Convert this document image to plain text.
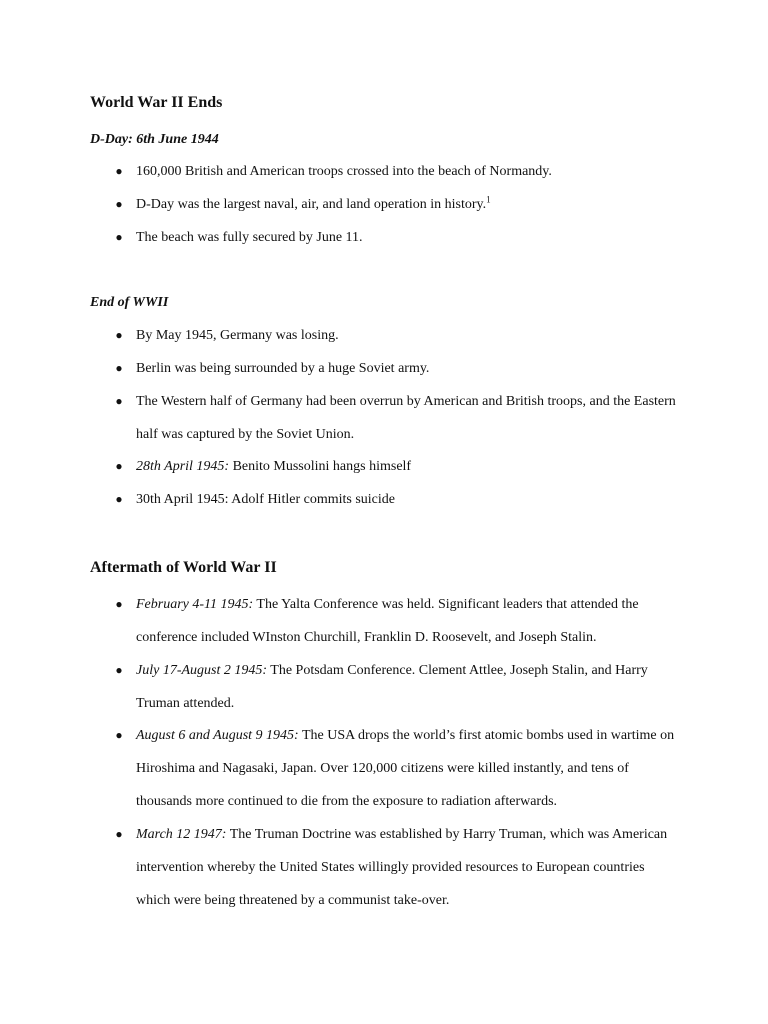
World War II Ends
D-Day: 6th June 1944
● 160,000 British and American troops crossed into the beach of Normandy.
● D-Day was the largest naval, air, and land operation in history.$^1$
● The beach was fully secured by June 11.
End of WWII
● By May 1945, Germany was losing.
● Berlin was being surrounded by a huge Soviet army.
● The Western half of Germany had been overrun by American and British troops, and the Eastern half was captured by the Soviet Union.
● 28th April 1945: Benito Mussolini hangs himself
● 30th April 1945: Adolf Hitler commits suicide
Aftermath of World War II
● February 4-11 1945: The Yalta Conference was held. Significant leaders that attended the conference included WInston Churchill, Franklin D. Roosevelt, and Joseph Stalin.
● July 17-August 2 1945: The Potsdam Conference. Clement Attlee, Joseph Stalin, and Harry Truman attended.
● August 6 and August 9 1945: The USA drops the world’s first atomic bombs used in wartime on Hiroshima and Nagasaki, Japan. Over 120,000 citizens were killed instantly, and tens of thousands more continued to die from the exposure to radiation afterwards.
● March 12 1947: The Truman Doctrine was established by Harry Truman, which was American intervention whereby the United States willingly provided resources to European countries which were being threatened by a communist take-over.
